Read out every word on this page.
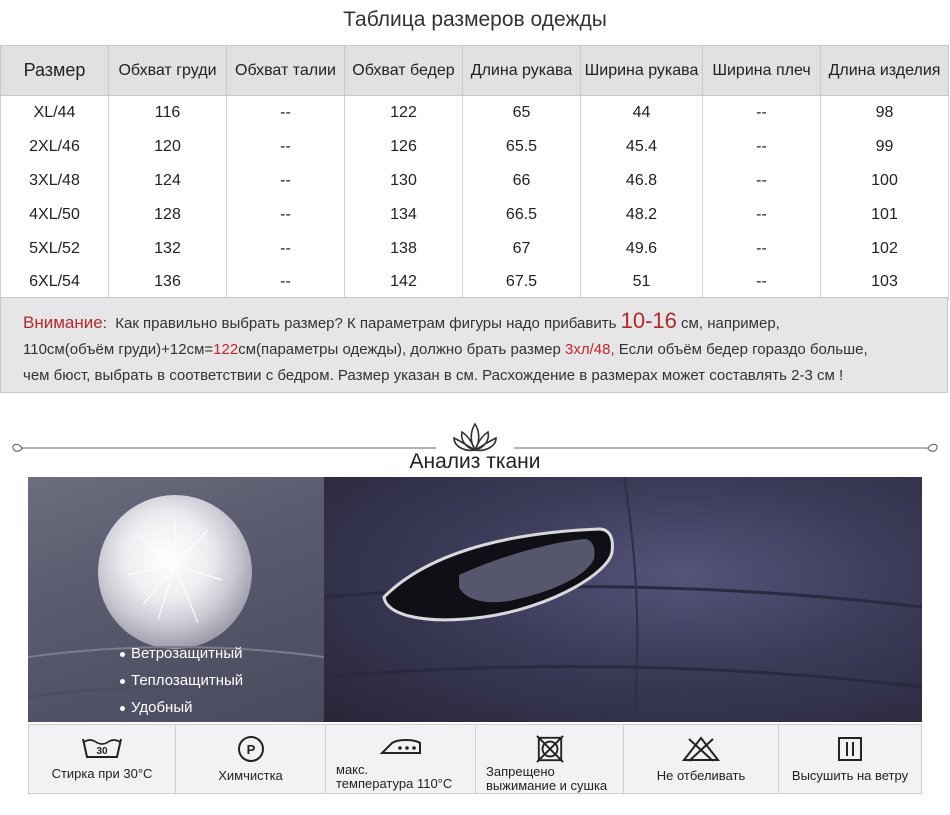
Таблица размеров одежды
Размер	Обхват груди	Обхват талии	Обхват бедер	Длина рукава	Ширина рукава	Ширина плеч	Длина изделия
XL/44	116	--	122	65	44	--	98
2XL/46	120	--	126	65.5	45.4	--	99
3XL/48	124	--	130	66	46.8	--	100
4XL/50	128	--	134	66.5	48.2	--	101
5XL/52	132	--	138	67	49.6	--	102
6XL/54	136	--	142	67.5	51	--	103
Внимание: Как правильно выбрать размер? К параметрам фигуры надо прибавить 10-16 см, например,
110см(объём груди)+12см=122см(параметры одежды), должно брать размер 3хл/48, Если объём бедер гораздо больше,
чем бюст, выбрать в соответствии с бедром. Размер указан в см. Расхождение в размерах может составлять 2-3 см !
Анализ ткани
Ветрозащитный
Теплозащитный
Удобный
30
Стирка при 30°C
P
Химчистка	макс.
температура 110°C
Запрещено
выжимание и сушка
Не отбеливать	Высушить на ветру
